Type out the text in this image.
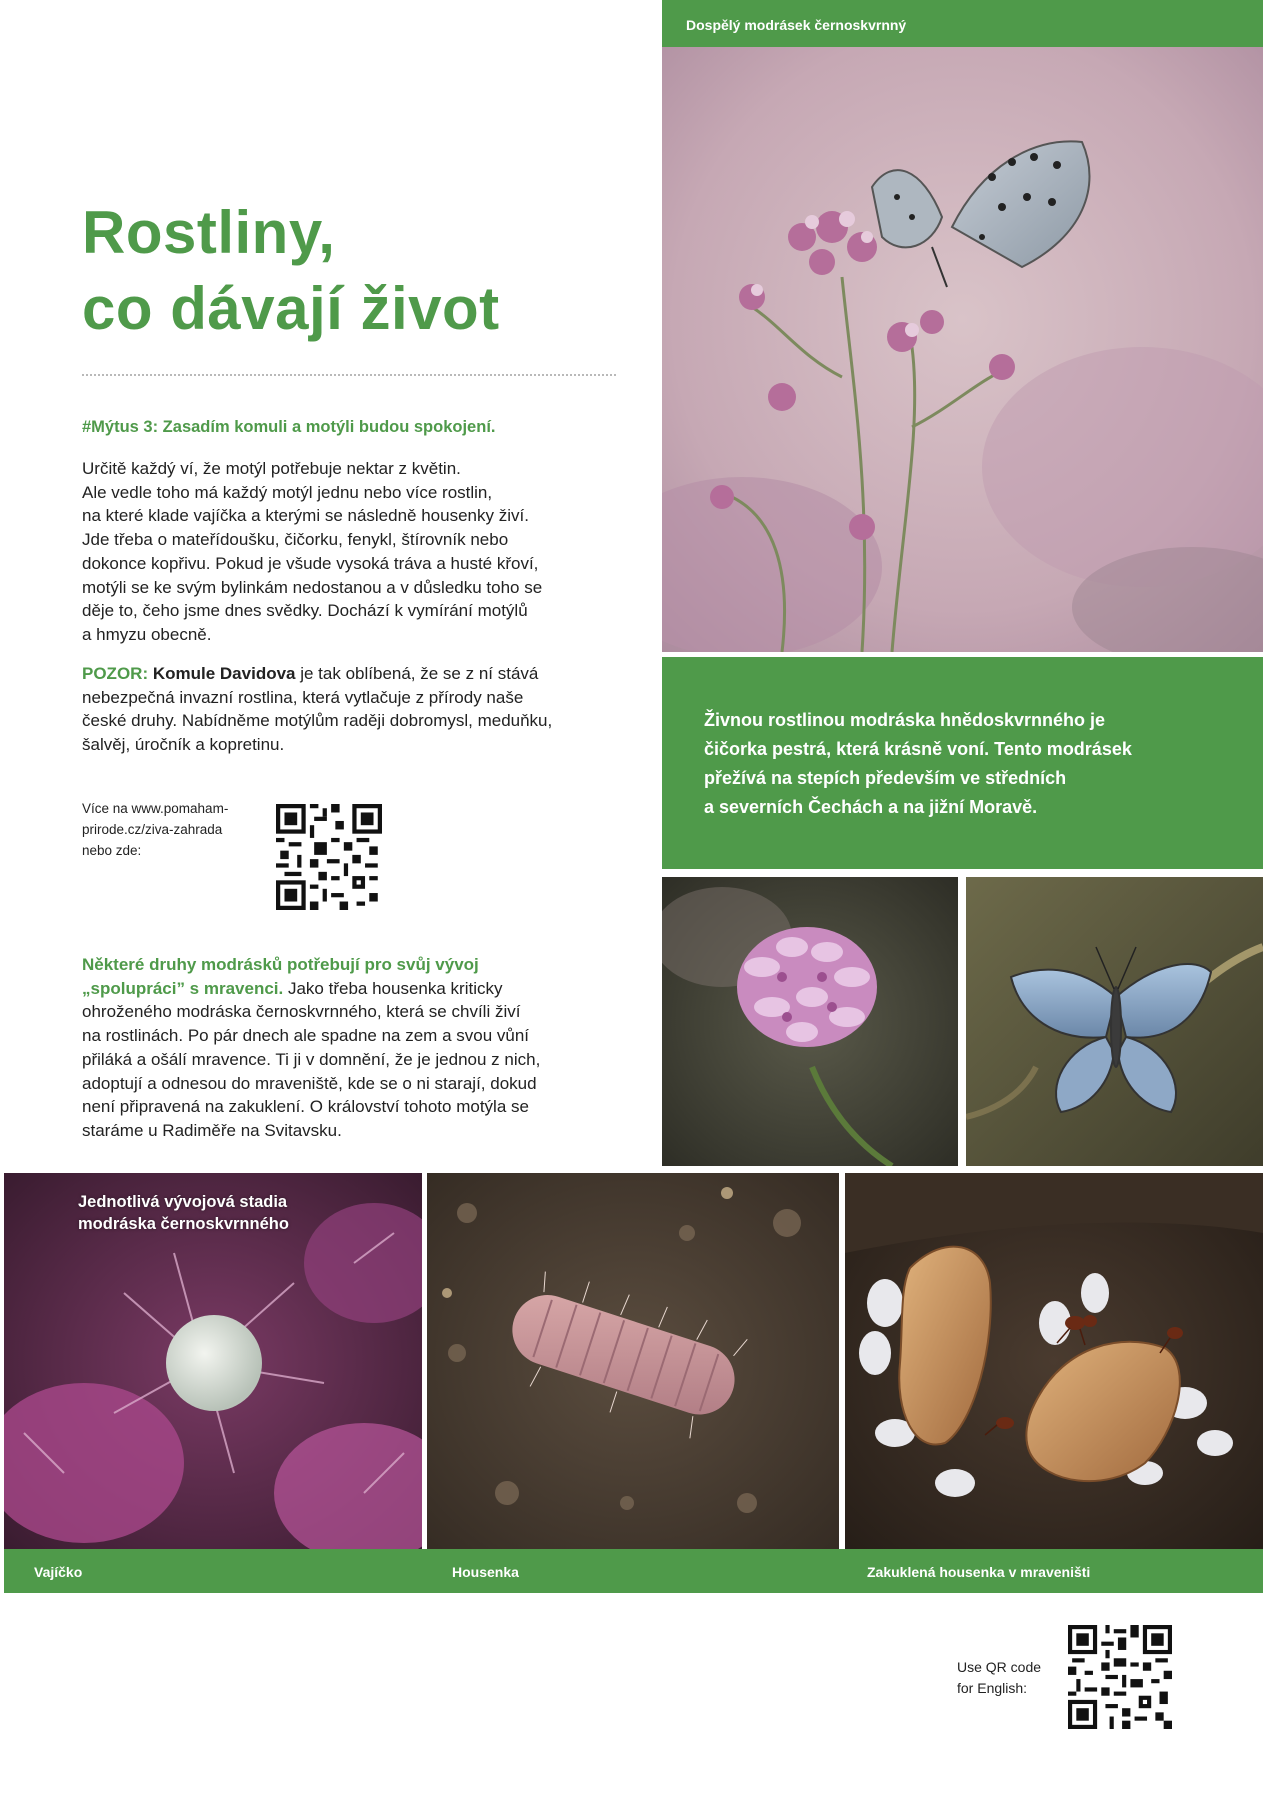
Rostliny,
co dávají život
#Mýtus 3: Zasadím komuli a motýli budou spokojení.

Určitě každý ví, že motýl potřebuje nektar z květin.

Ale vedle toho má každý motýl jednu nebo více rostlin,

na které klade vajíčka a kterými se následně housenky živí.

Jde třeba o mateřídoušku, čičorku, fenykl, štírovník nebo

dokonce kopřivu. Pokud je všude vysoká tráva a husté křoví,

motýli se ke svým bylinkám nedostanou a v důsledku toho se

děje to, čeho jsme dnes svědky. Dochází k vymírání motýlů

a hmyzu obecně.

POZOR: Komule Davidova je tak oblíbená, že se z ní stává

nebezpečná invazní rostlina, která vytlačuje z přírody naše

české druhy. Nabídněme motýlům raději dobromysl, meduňku,

šalvěj, úročník a kopretinu.

Více na www.pomaham-
prirode.cz/ziva-zahrada
nebo zde:

Některé druhy modrásků potřebují pro svůj vývoj

„spolupráci” s mravenci. Jako třeba housenka kriticky

ohroženého modráska černoskvrnného, která se chvíli živí

na rostlinách. Po pár dnech ale spadne na zem a svou vůní

přiláká a ošálí mravence. Ti ji v domnění, že je jednou z nich,

adoptují a odnesou do mraveniště, kde se o ni starají, dokud

není připravená na zakuklení. O království tohoto motýla se

staráme u Radiměře na Svitavsku.

Dospělý modrásek černoskvrnný

Živnou rostlinou modráska hnědoskvrnného je
čičorka pestrá, která krásně voní. Tento modrásek
přežívá na stepích především ve středních
a severních Čechách a na jižní Moravě.

Jednotlivá vývojová stadia
modráska černoskvrnného
Vajíčko	Housenka	Zakuklená housenka v mraveništi
Use QR code
for English:
